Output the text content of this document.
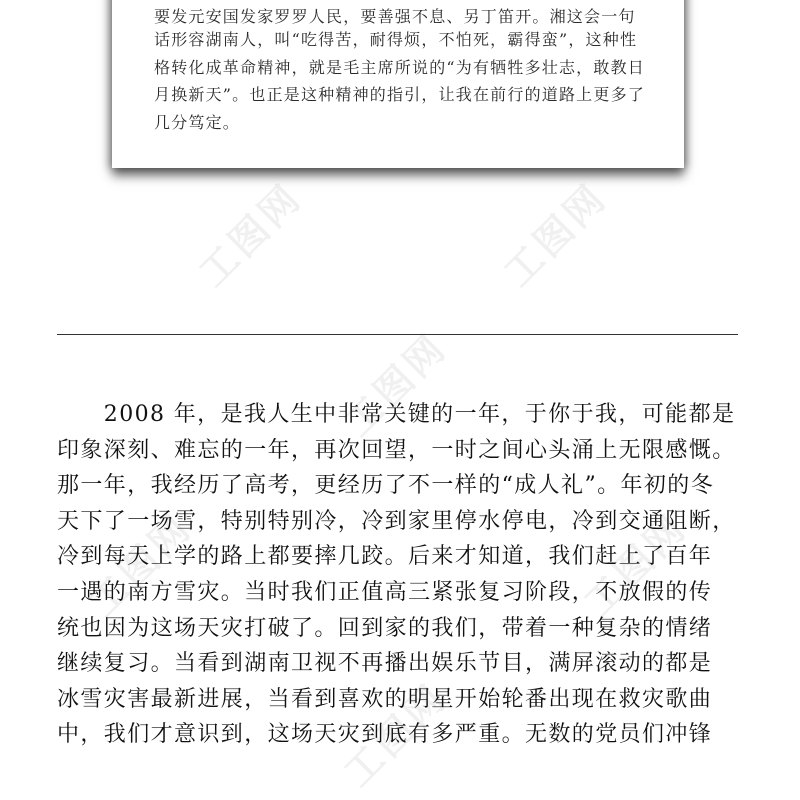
工图网	工图网
工图网
工图网	工图网
工图网
要发元安国发家罗罗人民，要善强不息、另丁笛开。湘这会一句
话形容湖南人，叫“吃得苦，耐得烦，不怕死，霸得蛮”，这种性
格转化成革命精神，就是毛主席所说的“为有牺牲多壮志，敢教日
月换新天”。也正是这种精神的指引，让我在前行的道路上更多了
几分笃定。
　　2008 年，是我人生中非常关键的一年，于你于我，可能都是
印象深刻、难忘的一年，再次回望，一时之间心头涌上无限感慨。
那一年，我经历了高考，更经历了不一样的“成人礼”。年初的冬
天下了一场雪，特别特别冷，冷到家里停水停电，冷到交通阻断，
冷到每天上学的路上都要摔几跤。后来才知道，我们赶上了百年
一遇的南方雪灾。当时我们正值高三紧张复习阶段，不放假的传
统也因为这场天灾打破了。回到家的我们，带着一种复杂的情绪
继续复习。当看到湖南卫视不再播出娱乐节目，满屏滚动的都是
冰雪灾害最新进展，当看到喜欢的明星开始轮番出现在救灾歌曲
中，我们才意识到，这场天灾到底有多严重。无数的党员们冲锋
